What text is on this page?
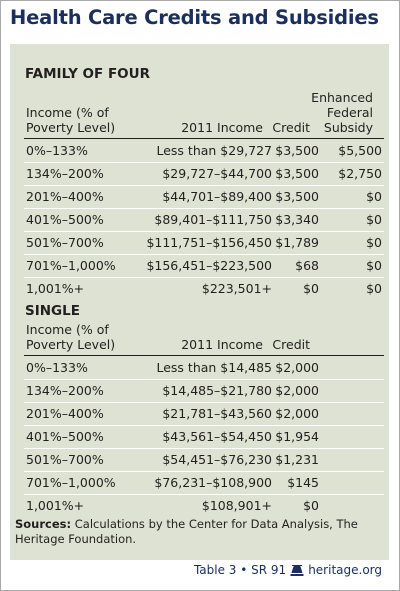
Health Care Credits and Subsidies
FAMILY OF FOUR
Income (% of
Poverty Level)	2011 Income Credit
Enhanced
Federal
Subsidy
0%–133%	Less than $29,727 $3,500 $5,500
134%–200%	$29,727–$44,700 $3,500 $2,750
201%–400%	$44,701–$89,400 $3,500	$0
401%–500%	$89,401–$111,750 $3,340	$0
501%–700%	$111,751–$156,450 $1,789	$0
701%–1,000% $156,451–$223,500 $68	$0
1,001%+	$223,501+ $0	$0
SINGLE
Income (% of
Poverty Level)	2011 Income Credit
0%–133%	Less than $14,485 $2,000
134%–200%	$14,485–$21,780 $2,000
201%–400%	$21,781–$43,560 $2,000
401%–500%	$43,561–$54,450 $1,954
501%–700%	$54,451–$76,230 $1,231
701%–1,000%	$76,231–$108,900 $145
1,001%+	$108,901+ $0
Sources: Calculations by the Center for Data Analysis, The Heritage Foundation.
Table 3 • SR 91 heritage.org
